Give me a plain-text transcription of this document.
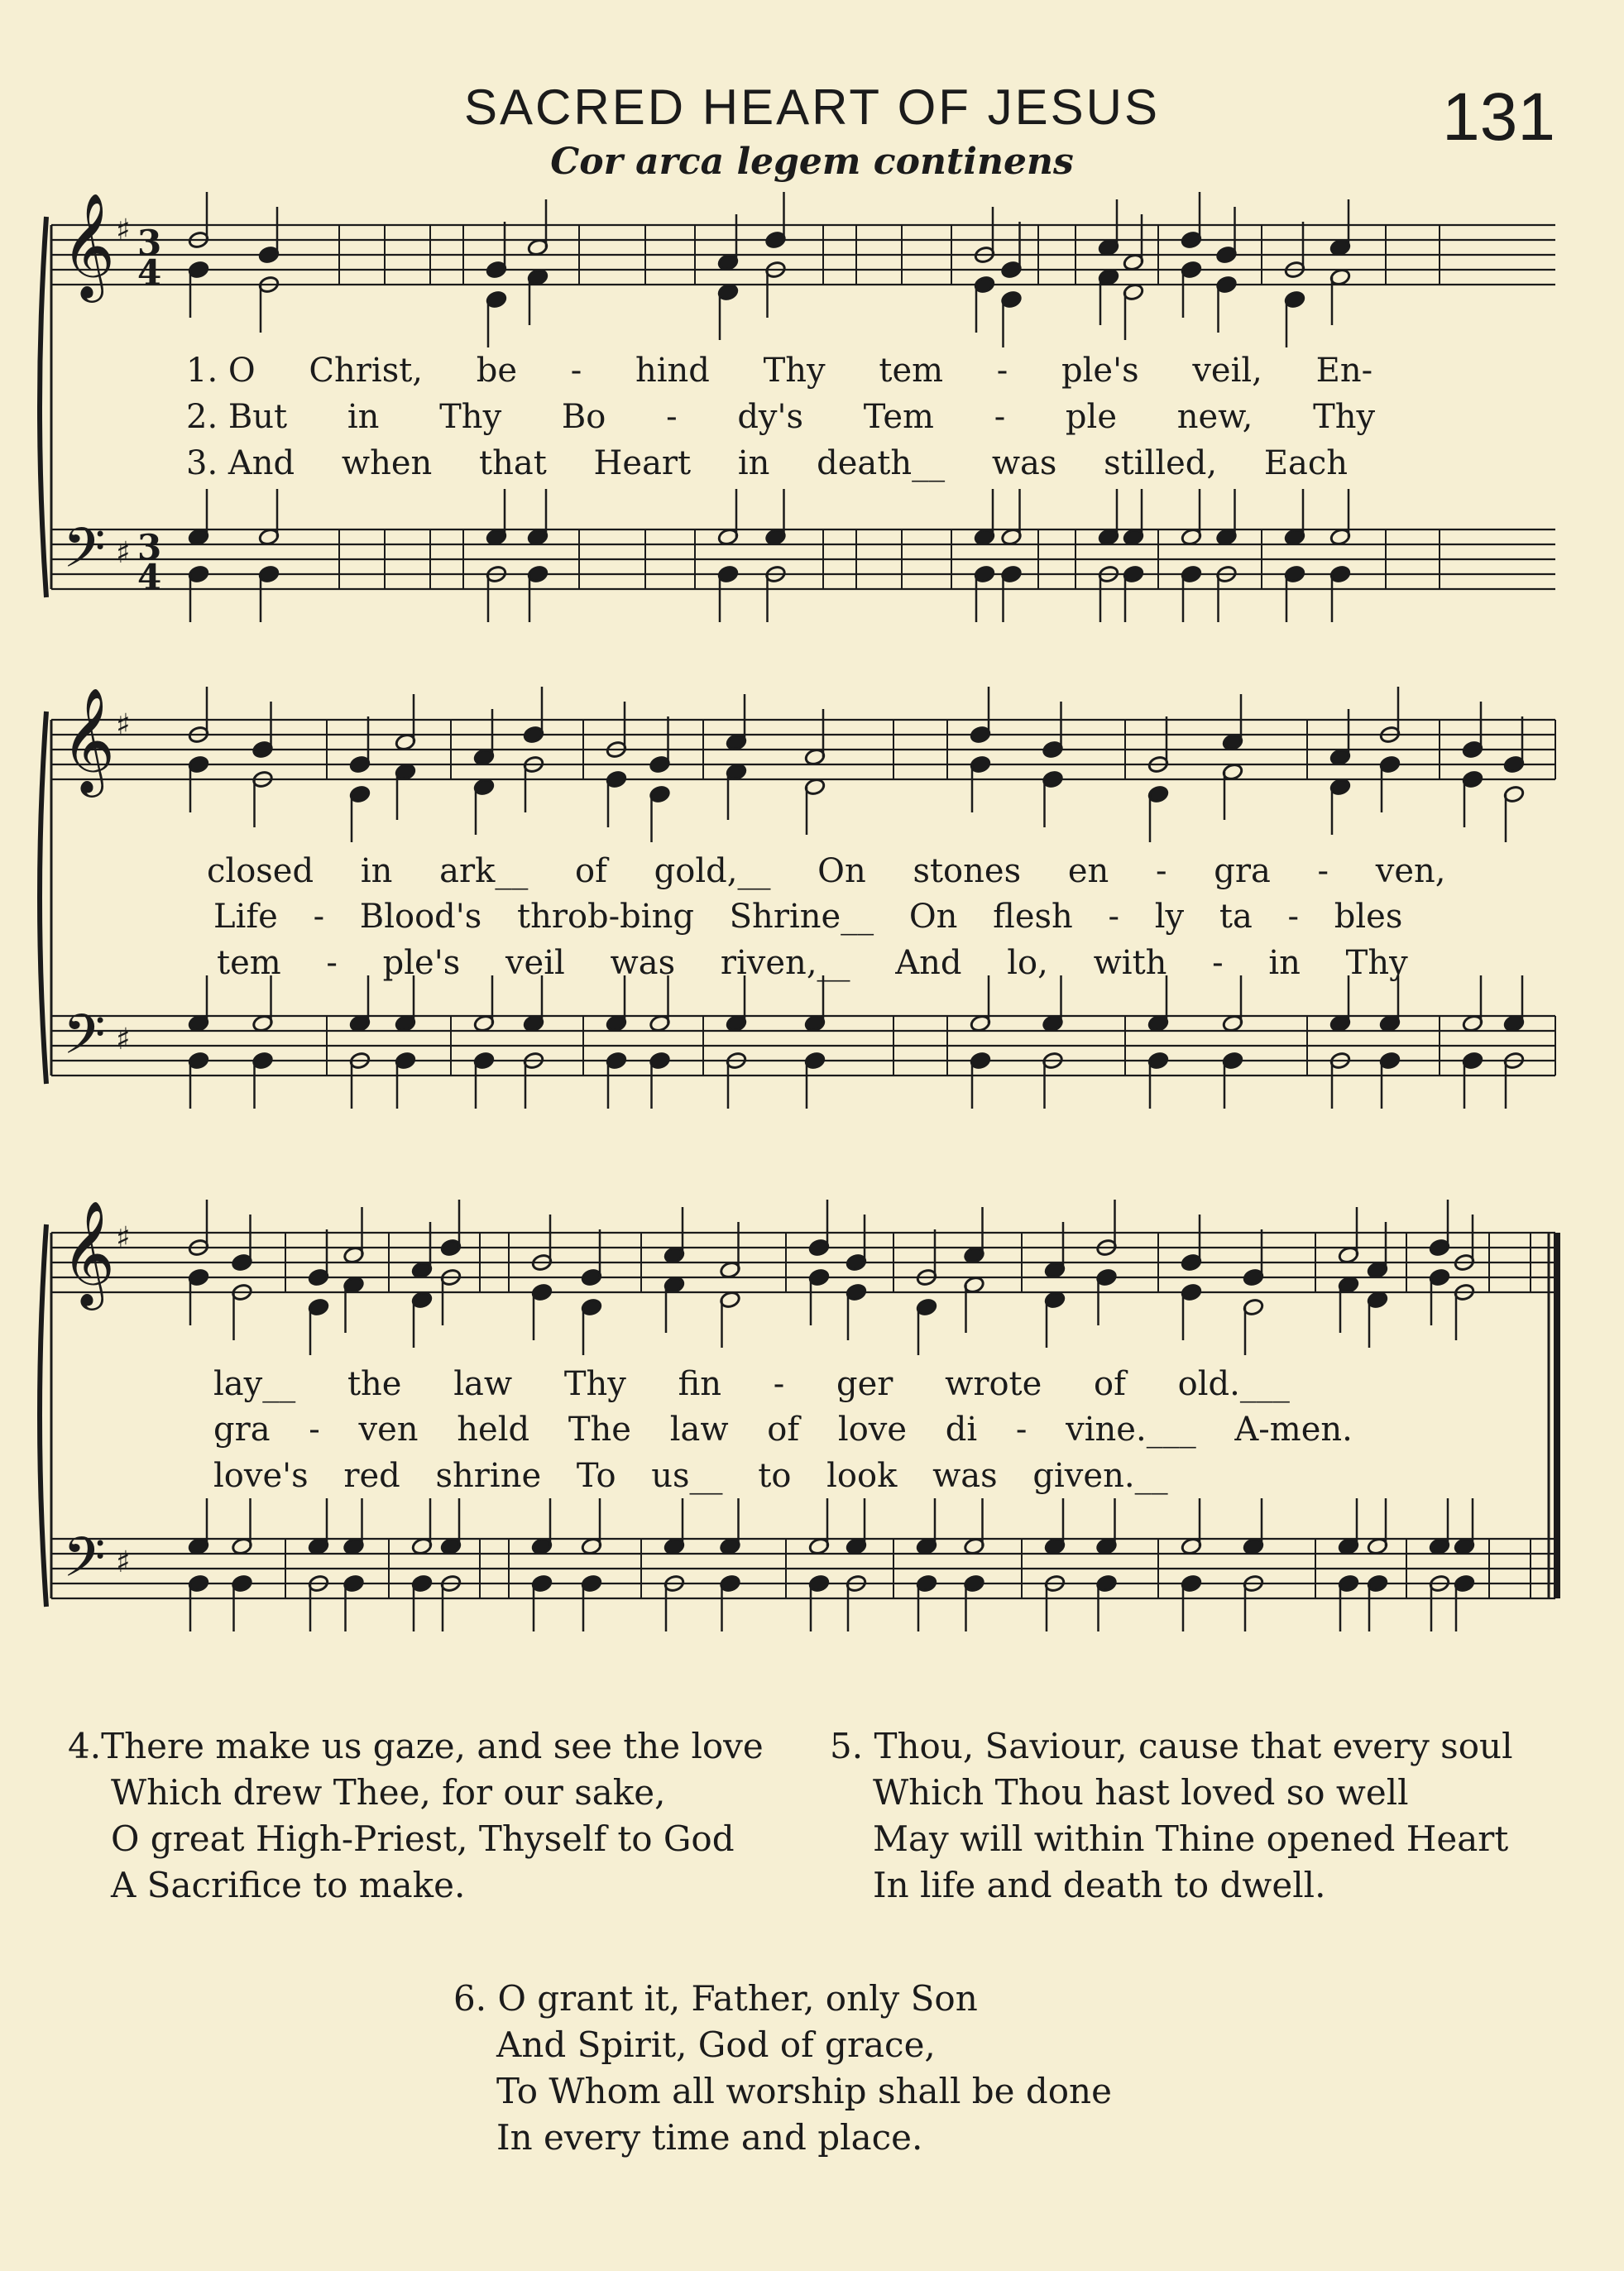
SACRED HEART OF JESUS	131
Cor arca legem continens
𝄞
𝄢
♯
♯
3
4
3
4
𝄞
𝄢
♯
♯
𝄞
𝄢
♯
♯
1. O Christ, be - hind Thy tem - ple's veil, En-
2. But in Thy Bo - dy's Tem - ple new, Thy
3. And when that Heart in death__ was stilled, Each
closed in ark__ of gold,__ On stones en - gra - ven,
Life - Blood's throb-bing Shrine__ On flesh - ly ta - bles
tem - ple's veil was riven,__ And lo, with - in Thy
lay__ the law Thy fin - ger wrote of old.___
gra - ven held The law of love di - vine.___ A-men.
love's red shrine To us__ to look was given.__
4.There make us gaze, and see the love
Which drew Thee, for our sake,
O great High-Priest, Thyself to God
A Sacrifice to make.
5. Thou, Saviour, cause that every soul
Which Thou hast loved so well
May will within Thine opened Heart
In life and death to dwell.
6. O grant it, Father, only Son
And Spirit, God of grace,
To Whom all worship shall be done
In every time and place.
